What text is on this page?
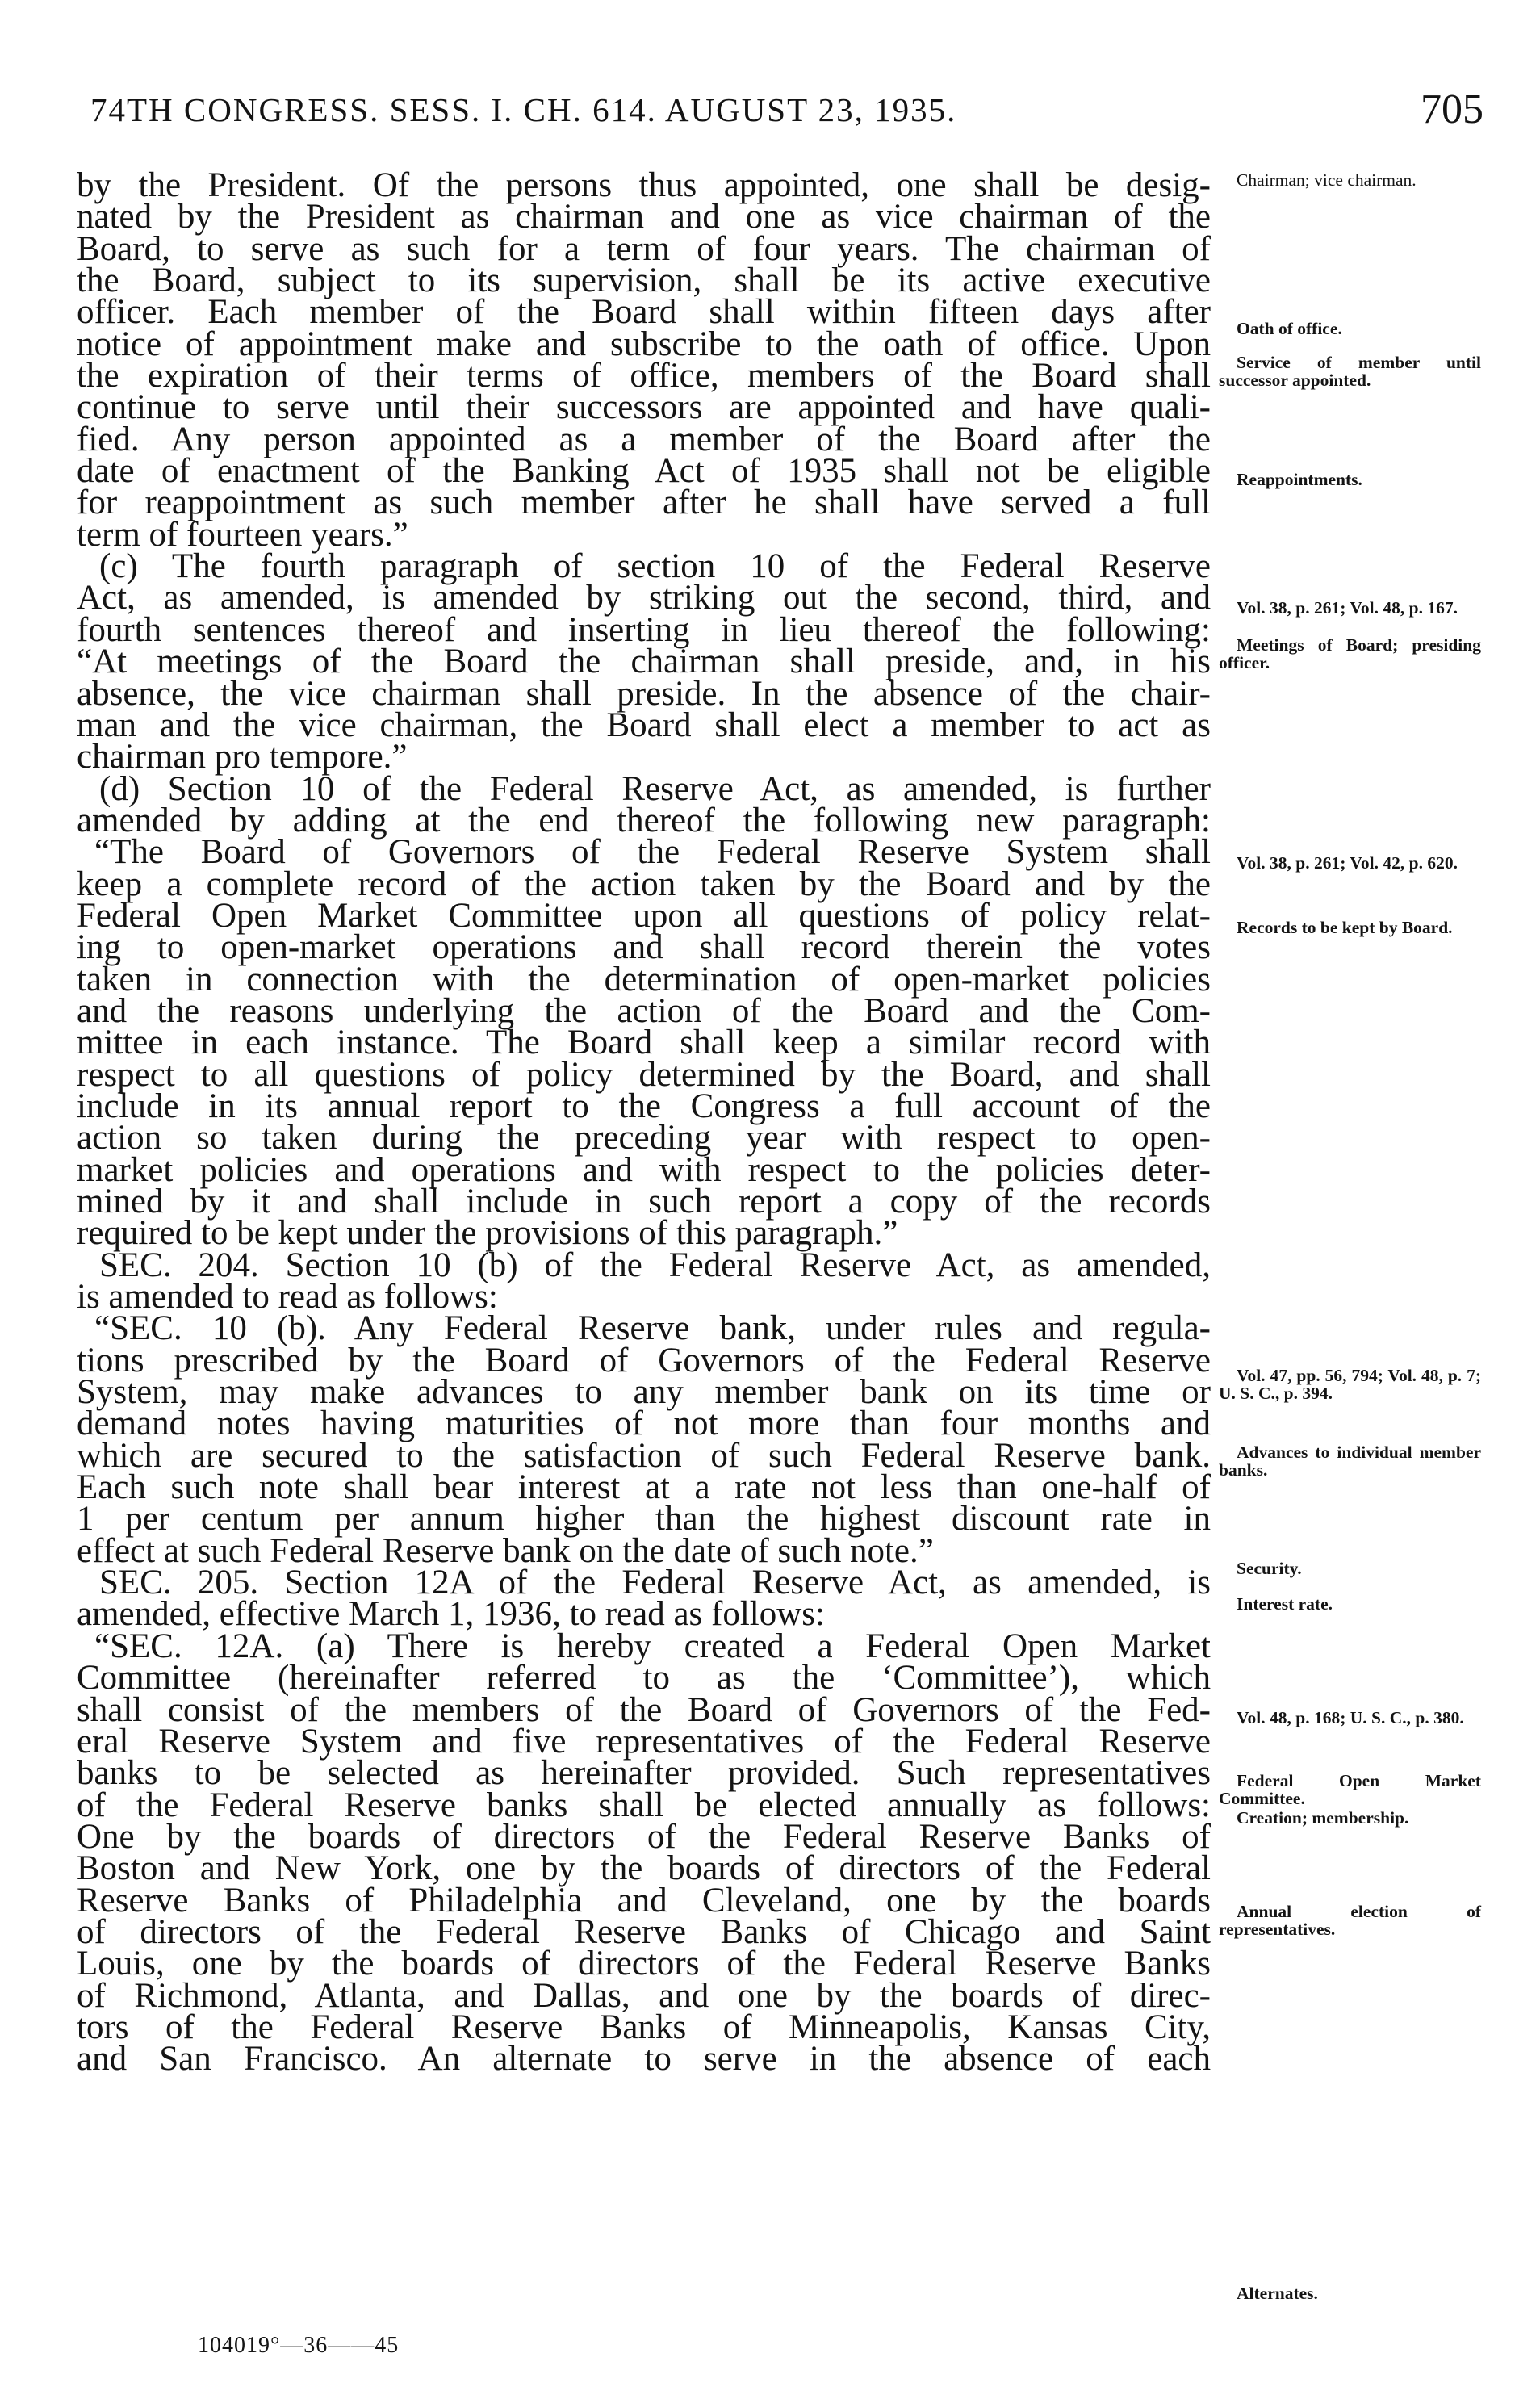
74TH CONGRESS. SESS. I. CH. 614. AUGUST 23, 1935.	705
by the President. Of the persons thus appointed, one shall be desig-
nated by the President as chairman and one as vice chairman of the
Board, to serve as such for a term of four years. The chairman of
the Board, subject to its supervision, shall be its active executive
officer. Each member of the Board shall within fifteen days after
notice of appointment make and subscribe to the oath of office. Upon
the expiration of their terms of office, members of the Board shall
continue to serve until their successors are appointed and have quali-
fied. Any person appointed as a member of the Board after the
date of enactment of the Banking Act of 1935 shall not be eligible
for reappointment as such member after he shall have served a full
term of fourteen years.”
(c) The fourth paragraph of section 10 of the Federal Reserve
Act, as amended, is amended by striking out the second, third, and
fourth sentences thereof and inserting in lieu thereof the following:
“At meetings of the Board the chairman shall preside, and, in his
absence, the vice chairman shall preside. In the absence of the chair-
man and the vice chairman, the Board shall elect a member to act as
chairman pro tempore.”
(d) Section 10 of the Federal Reserve Act, as amended, is further
amended by adding at the end thereof the following new paragraph:
“The Board of Governors of the Federal Reserve System shall
keep a complete record of the action taken by the Board and by the
Federal Open Market Committee upon all questions of policy relat-
ing to open-market operations and shall record therein the votes
taken in connection with the determination of open-market policies
and the reasons underlying the action of the Board and the Com-
mittee in each instance. The Board shall keep a similar record with
respect to all questions of policy determined by the Board, and shall
include in its annual report to the Congress a full account of the
action so taken during the preceding year with respect to open-
market policies and operations and with respect to the policies deter-
mined by it and shall include in such report a copy of the records
required to be kept under the provisions of this paragraph.”
SEC. 204. Section 10 (b) of the Federal Reserve Act, as amended,
is amended to read as follows:
“SEC. 10 (b). Any Federal Reserve bank, under rules and regula-
tions prescribed by the Board of Governors of the Federal Reserve
System, may make advances to any member bank on its time or
demand notes having maturities of not more than four months and
which are secured to the satisfaction of such Federal Reserve bank.
Each such note shall bear interest at a rate not less than one-half of
1 per centum per annum higher than the highest discount rate in
effect at such Federal Reserve bank on the date of such note.”
SEC. 205. Section 12A of the Federal Reserve Act, as amended, is
amended, effective March 1, 1936, to read as follows:
“SEC. 12A. (a) There is hereby created a Federal Open Market
Committee (hereinafter referred to as the ‘Committee’), which
shall consist of the members of the Board of Governors of the Fed-
eral Reserve System and five representatives of the Federal Reserve
banks to be selected as hereinafter provided. Such representatives
of the Federal Reserve banks shall be elected annually as follows:
One by the boards of directors of the Federal Reserve Banks of
Boston and New York, one by the boards of directors of the Federal
Reserve Banks of Philadelphia and Cleveland, one by the boards
of directors of the Federal Reserve Banks of Chicago and Saint
Louis, one by the boards of directors of the Federal Reserve Banks
of Richmond, Atlanta, and Dallas, and one by the boards of direc-
tors of the Federal Reserve Banks of Minneapolis, Kansas City,
and San Francisco. An alternate to serve in the absence of each
Chairman; vice chairman.
Oath of office.
Service of member until successor appointed.
Reappointments.
Vol. 38, p. 261; Vol. 48, p. 167.
Meetings of Board; presiding officer.
Vol. 38, p. 261; Vol. 42, p. 620.
Records to be kept by Board.
Vol. 47, pp. 56, 794; Vol. 48, p. 7; U. S. C., p. 394.
Advances to individual member banks.
Security.
Interest rate.
Vol. 48, p. 168; U. S. C., p. 380.
Federal Open Market Committee.
Creation; membership.
Annual election of representatives.
Alternates.
104019°—36——45
